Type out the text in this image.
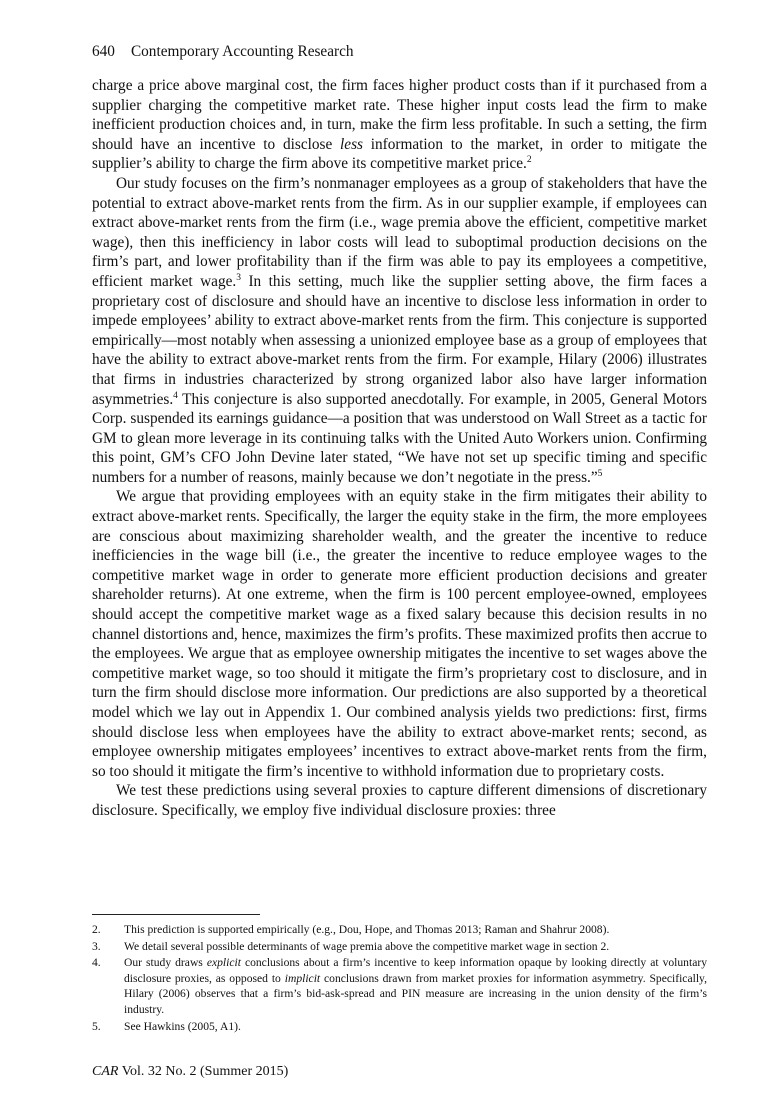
640 Contemporary Accounting Research

charge a price above marginal cost, the firm faces higher product costs than if it purchased from a supplier charging the competitive market rate. These higher input costs lead the firm to make inefficient production choices and, in turn, make the firm less profitable. In such a setting, the firm should have an incentive to disclose less information to the market, in order to mitigate the supplier’s ability to charge the firm above its competitive market price.$^2$

Our study focuses on the firm’s nonmanager employees as a group of stakeholders that have the potential to extract above-market rents from the firm. As in our supplier example, if employees can extract above-market rents from the firm (i.e., wage premia above the efficient, competitive market wage), then this inefficiency in labor costs will lead to suboptimal production decisions on the firm’s part, and lower profitability than if the firm was able to pay its employees a competitive, efficient market wage.$^3$ In this setting, much like the supplier setting above, the firm faces a proprietary cost of disclosure and should have an incentive to disclose less information in order to impede employees’ ability to extract above-market rents from the firm. This conjecture is supported empirically—most notably when assessing a unionized employee base as a group of employees that have the ability to extract above-market rents from the firm. For example, Hilary (2006) illustrates that firms in industries characterized by strong organized labor also have larger information asymmetries.$^4$ This conjecture is also supported anecdotally. For example, in 2005, General Motors Corp. suspended its earnings guidance—a position that was understood on Wall Street as a tactic for GM to glean more leverage in its continuing talks with the United Auto Workers union. Confirming this point, GM’s CFO John Devine later stated, “We have not set up specific timing and specific numbers for a number of reasons, mainly because we don’t negotiate in the press.”$^5$

We argue that providing employees with an equity stake in the firm mitigates their ability to extract above-market rents. Specifically, the larger the equity stake in the firm, the more employees are conscious about maximizing shareholder wealth, and the greater the incentive to reduce inefficiencies in the wage bill (i.e., the greater the incentive to reduce employee wages to the competitive market wage in order to generate more efficient production decisions and greater shareholder returns). At one extreme, when the firm is 100 percent employee-owned, employees should accept the competitive market wage as a fixed salary because this decision results in no channel distortions and, hence, maximizes the firm’s profits. These maximized profits then accrue to the employees. We argue that as employee ownership mitigates the incentive to set wages above the competitive market wage, so too should it mitigate the firm’s proprietary cost to disclosure, and in turn the firm should disclose more information. Our predictions are also supported by a theoretical model which we lay out in Appendix 1. Our combined analysis yields two predictions: first, firms should disclose less when employees have the ability to extract above-market rents; second, as employee ownership mitigates employees’ incentives to extract above-market rents from the firm, so too should it mitigate the firm’s incentive to withhold information due to proprietary costs.

We test these predictions using several proxies to capture different dimensions of discretionary disclosure. Specifically, we employ five individual disclosure proxies: three

2. This prediction is supported empirically (e.g., Dou, Hope, and Thomas 2013; Raman and Shahrur 2008).
3. We detail several possible determinants of wage premia above the competitive market wage in section 2.
4. Our study draws explicit conclusions about a firm’s incentive to keep information opaque by looking directly at voluntary disclosure proxies, as opposed to implicit conclusions drawn from market proxies for information asymmetry. Specifically, Hilary (2006) observes that a firm’s bid-ask-spread and PIN measure are increasing in the union density of the firm’s industry.
5. See Hawkins (2005, A1).
CAR Vol. 32 No. 2 (Summer 2015)
